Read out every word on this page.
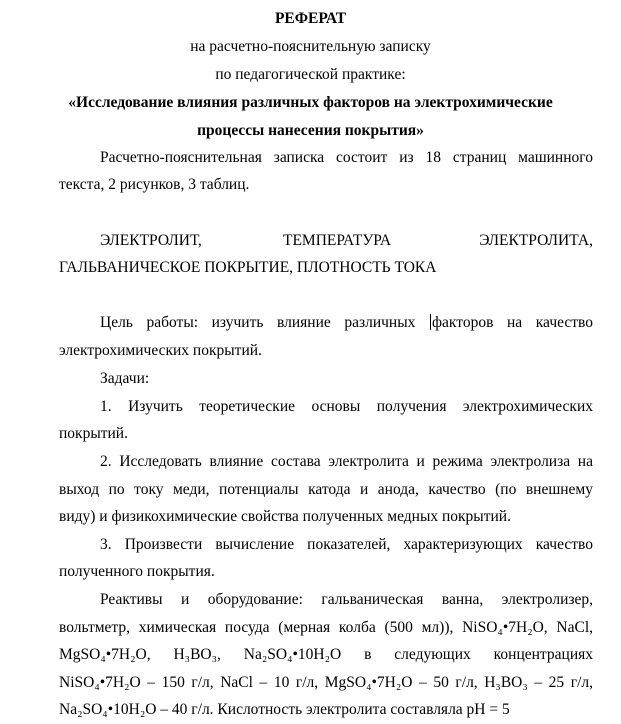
РЕФЕРАТ
на расчетно-пояснительную записку
по педагогической практике:
«Исследование влияния различных факторов на электрохимические
процессы нанесения покрытия»
Расчетно-пояснительная записка состоит из 18 страниц машинного
текста, 2 рисунков, 3 таблиц.
ЭЛЕКТРОЛИТ,	ТЕМПЕРАТУРА	ЭЛЕКТРОЛИТА,
ГАЛЬВАНИЧЕСКОЕ ПОКРЫТИЕ, ПЛОТНОСТЬ ТОКА
Цель работы: изучить влияние различных факторов на качество
электрохимических покрытий.
Задачи:
1. Изучить теоретические основы получения электрохимических
покрытий.
2. Исследовать влияние состава электролита и режима электролиза на
выход по току меди, потенциалы катода и анода, качество (по внешнему
виду) и физикохимические свойства полученных медных покрытий.
3. Произвести вычисление показателей, характеризующих качество
полученного покрытия.
Реактивы и оборудование: гальваническая ванна, электролизер,
вольтметр, химическая посуда (мерная колба (500 мл)), NiSO₄•7H₂O, NaCl,
MgSO₄•7H₂O, H₃BO₃, Na₂SO₄•10H₂O в следующих концентрациях
NiSO₄•7H₂O – 150 г/л, NaCl – 10 г/л, MgSO₄•7H₂O – 50 г/л, H₃BO₃ – 25 г/л,
Na₂SO₄•10H₂O – 40 г/л. Кислотность электролита составляла pH = 5
